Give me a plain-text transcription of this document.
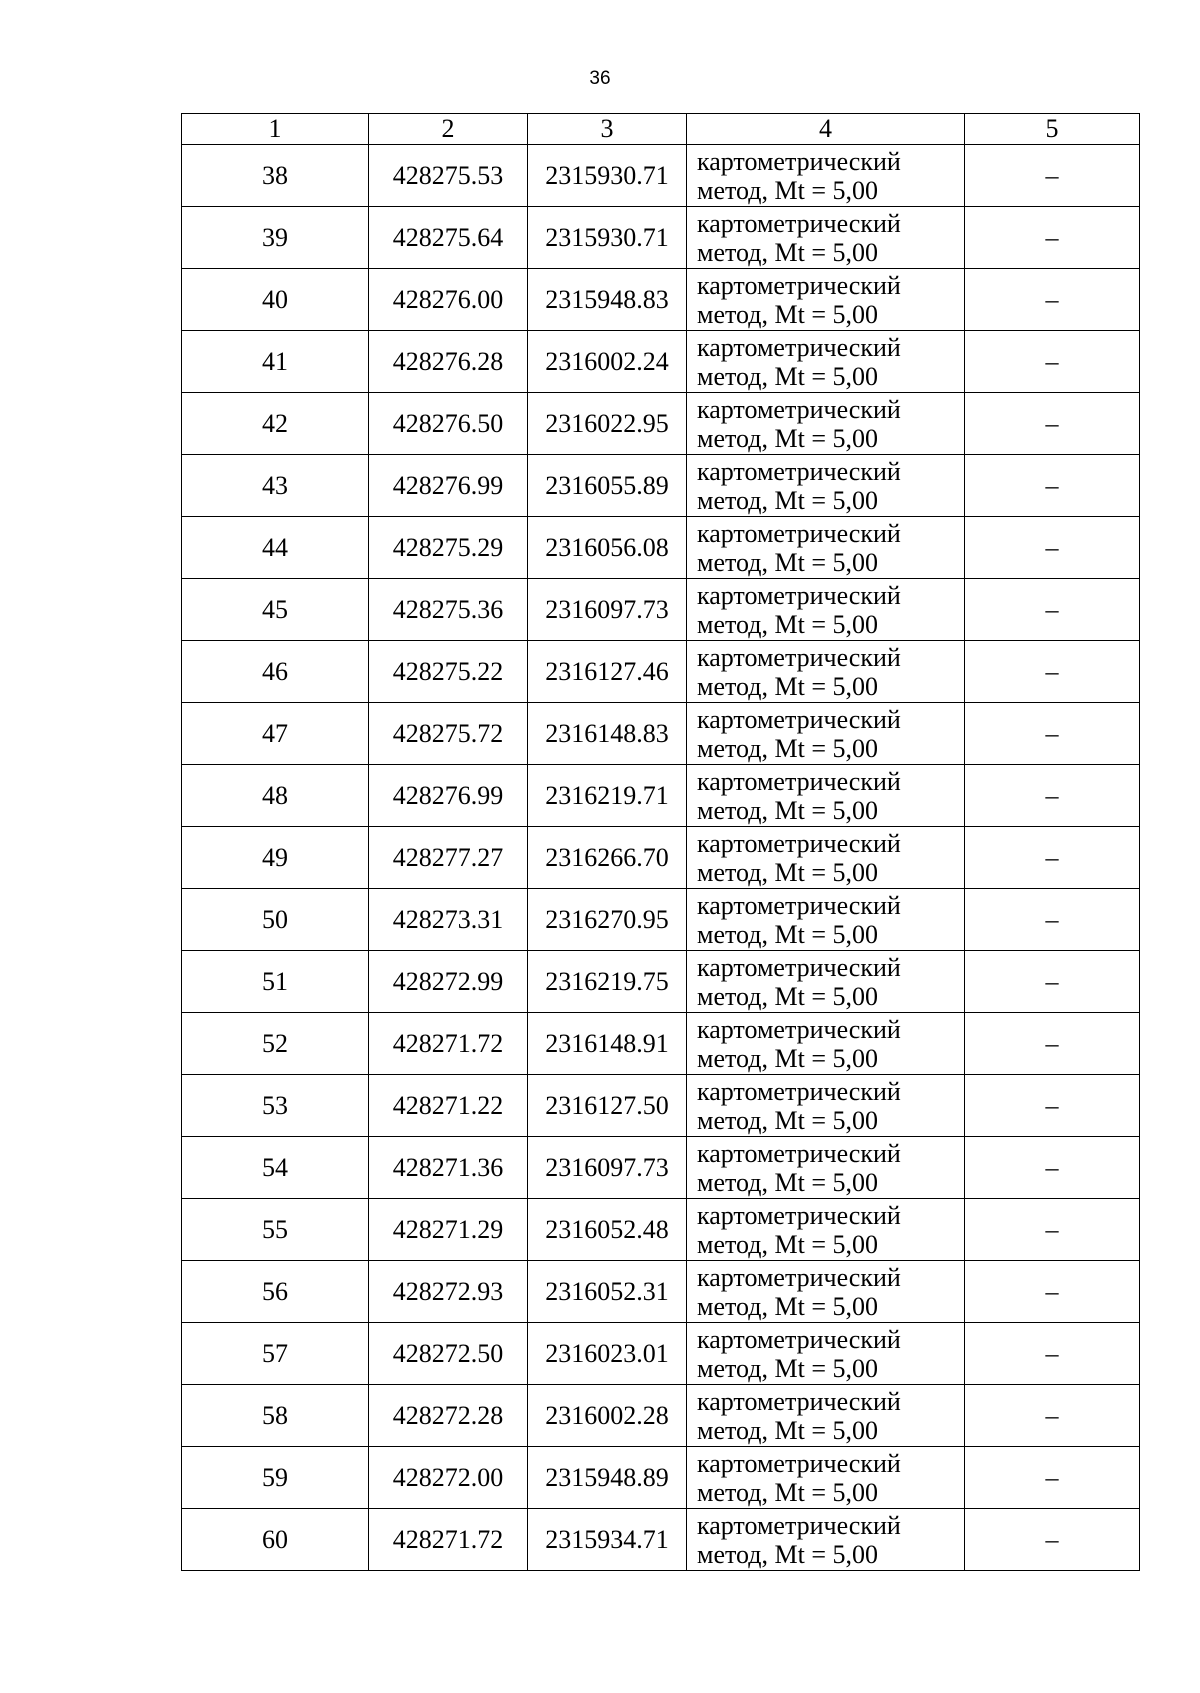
36
1	2	3	4	5
38	428275.53	2315930.71	картометрический
метод, Mt = 5,00	–
39	428275.64	2315930.71	картометрический
метод, Mt = 5,00	–
40	428276.00	2315948.83	картометрический
метод, Mt = 5,00	–
41	428276.28	2316002.24	картометрический
метод, Mt = 5,00	–
42	428276.50	2316022.95	картометрический
метод, Mt = 5,00	–
43	428276.99	2316055.89	картометрический
метод, Mt = 5,00	–
44	428275.29	2316056.08	картометрический
метод, Mt = 5,00	–
45	428275.36	2316097.73	картометрический
метод, Mt = 5,00	–
46	428275.22	2316127.46	картометрический
метод, Mt = 5,00	–
47	428275.72	2316148.83	картометрический
метод, Mt = 5,00	–
48	428276.99	2316219.71	картометрический
метод, Mt = 5,00	–
49	428277.27	2316266.70	картометрический
метод, Mt = 5,00	–
50	428273.31	2316270.95	картометрический
метод, Mt = 5,00	–
51	428272.99	2316219.75	картометрический
метод, Mt = 5,00	–
52	428271.72	2316148.91	картометрический
метод, Mt = 5,00	–
53	428271.22	2316127.50	картометрический
метод, Mt = 5,00	–
54	428271.36	2316097.73	картометрический
метод, Mt = 5,00	–
55	428271.29	2316052.48	картометрический
метод, Mt = 5,00	–
56	428272.93	2316052.31	картометрический
метод, Mt = 5,00	–
57	428272.50	2316023.01	картометрический
метод, Mt = 5,00	–
58	428272.28	2316002.28	картометрический
метод, Mt = 5,00	–
59	428272.00	2315948.89	картометрический
метод, Mt = 5,00	–
60	428271.72	2315934.71	картометрический
метод, Mt = 5,00	–
